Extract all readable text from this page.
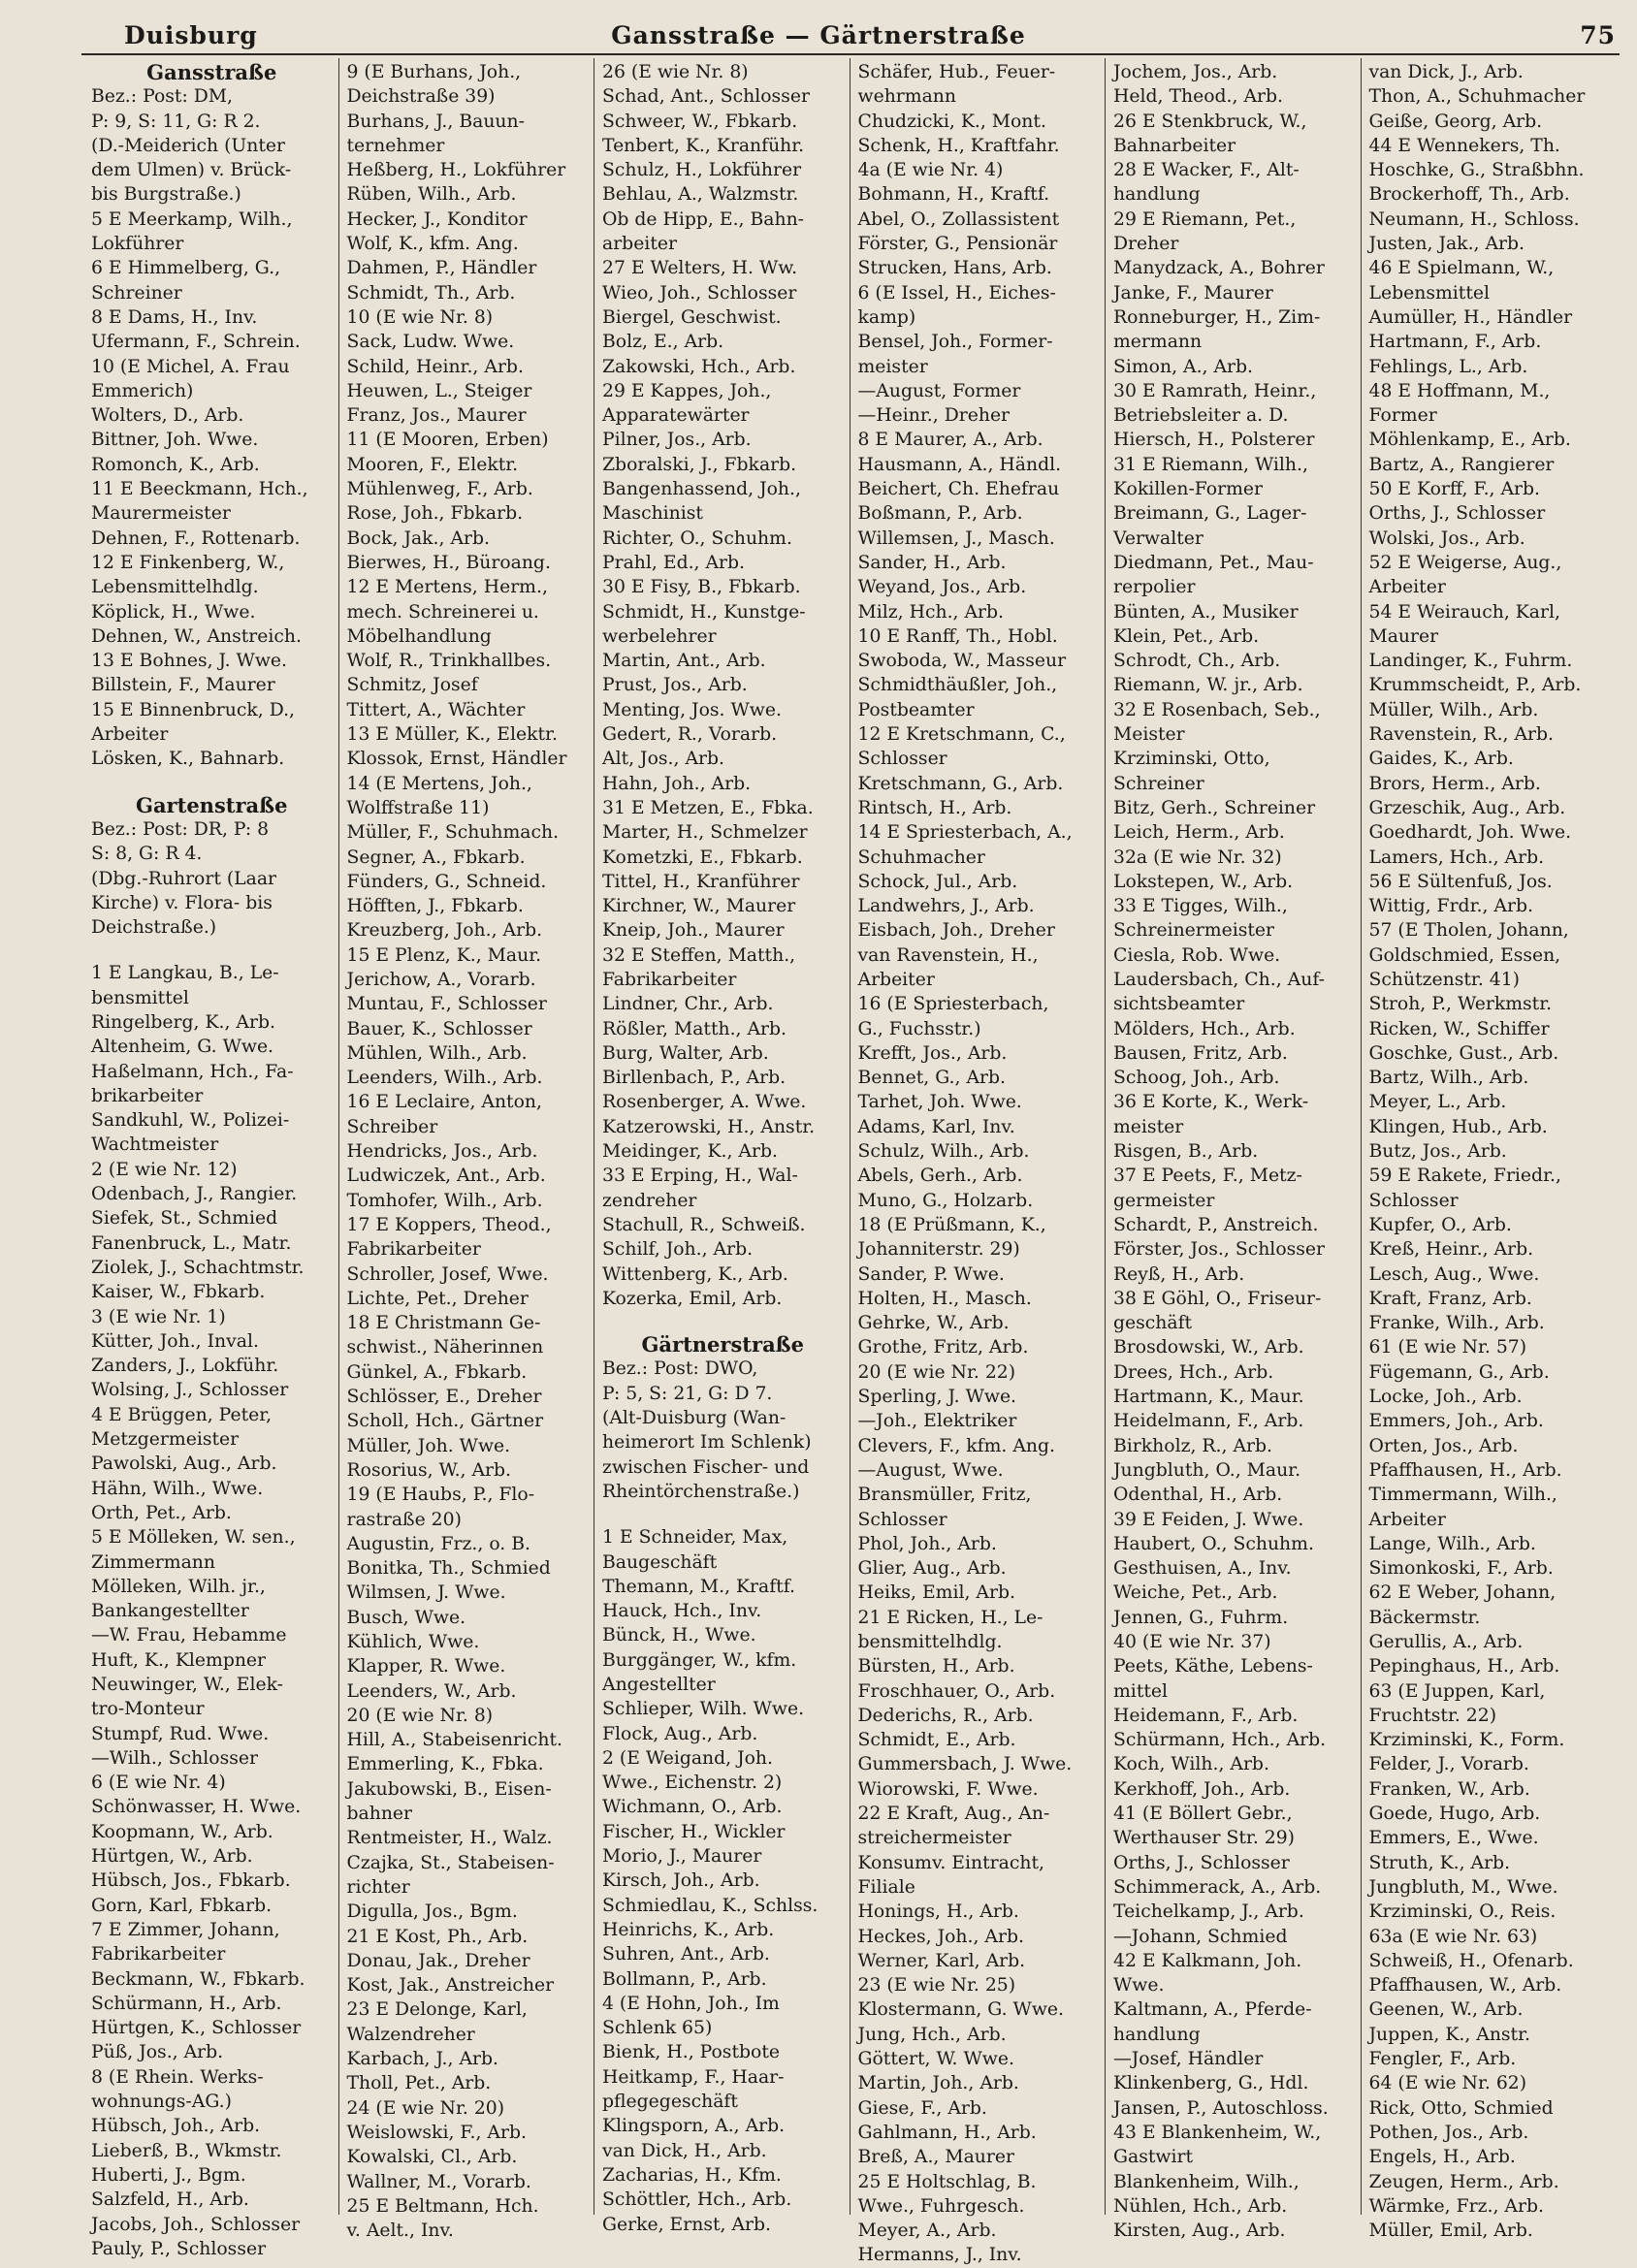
Duisburg	Gansstraße — Gärtnerstraße	75
Gansstraße
Bez.: Post: DM,
P: 9, S: 11, G: R 2.
(D.-Meiderich (Unter
dem Ulmen) v. Brück-
bis Burgstraße.)
5 E Meerkamp, Wilh.,
Lokführer
6 E Himmelberg, G.,
Schreiner
8 E Dams, H., Inv.
Ufermann, F., Schrein.
10 (E Michel, A. Frau
Emmerich)
Wolters, D., Arb.
Bittner, Joh. Wwe.
Romonch, K., Arb.
11 E Beeckmann, Hch.,
Maurermeister
Dehnen, F., Rottenarb.
12 E Finkenberg, W.,
Lebensmittelhdlg.
Köplick, H., Wwe.
Dehnen, W., Anstreich.
13 E Bohnes, J. Wwe.
Billstein, F., Maurer
15 E Binnenbruck, D.,
Arbeiter
Lösken, K., Bahnarb.
Gartenstraße
Bez.: Post: DR, P: 8
S: 8, G: R 4.
(Dbg.-Ruhrort (Laar
Kirche) v. Flora- bis
Deichstraße.)
1 E Langkau, B., Le-
bensmittel
Ringelberg, K., Arb.
Altenheim, G. Wwe.
Haßelmann, Hch., Fa-
brikarbeiter
Sandkuhl, W., Polizei-
Wachtmeister
2 (E wie Nr. 12)
Odenbach, J., Rangier.
Siefek, St., Schmied
Fanenbruck, L., Matr.
Ziolek, J., Schachtmstr.
Kaiser, W., Fbkarb.
3 (E wie Nr. 1)
Kütter, Joh., Inval.
Zanders, J., Lokführ.
Wolsing, J., Schlosser
4 E Brüggen, Peter,
Metzgermeister
Pawolski, Aug., Arb.
Hähn, Wilh., Wwe.
Orth, Pet., Arb.
5 E Mölleken, W. sen.,
Zimmermann
Mölleken, Wilh. jr.,
Bankangestellter
—W. Frau, Hebamme
Huft, K., Klempner
Neuwinger, W., Elek-
tro-Monteur
Stumpf, Rud. Wwe.
—Wilh., Schlosser
6 (E wie Nr. 4)
Schönwasser, H. Wwe.
Koopmann, W., Arb.
Hürtgen, W., Arb.
Hübsch, Jos., Fbkarb.
Gorn, Karl, Fbkarb.
7 E Zimmer, Johann,
Fabrikarbeiter
Beckmann, W., Fbkarb.
Schürmann, H., Arb.
Hürtgen, K., Schlosser
Püß, Jos., Arb.
8 (E Rhein. Werks-
wohnungs-AG.)
Hübsch, Joh., Arb.
Lieberß, B., Wkmstr.
Huberti, J., Bgm.
Salzfeld, H., Arb.
Jacobs, Joh., Schlosser
Pauly, P., Schlosser
9 (E Burhans, Joh.,
Deichstraße 39)
Burhans, J., Bauun-
ternehmer
Heßberg, H., Lokführer
Rüben, Wilh., Arb.
Hecker, J., Konditor
Wolf, K., kfm. Ang.
Dahmen, P., Händler
Schmidt, Th., Arb.
10 (E wie Nr. 8)
Sack, Ludw. Wwe.
Schild, Heinr., Arb.
Heuwen, L., Steiger
Franz, Jos., Maurer
11 (E Mooren, Erben)
Mooren, F., Elektr.
Mühlenweg, F., Arb.
Rose, Joh., Fbkarb.
Bock, Jak., Arb.
Bierwes, H., Büroang.
12 E Mertens, Herm.,
mech. Schreinerei u.
Möbelhandlung
Wolf, R., Trinkhallbes.
Schmitz, Josef
Tittert, A., Wächter
13 E Müller, K., Elektr.
Klossok, Ernst, Händler
14 (E Mertens, Joh.,
Wolffstraße 11)
Müller, F., Schuhmach.
Segner, A., Fbkarb.
Fünders, G., Schneid.
Höfften, J., Fbkarb.
Kreuzberg, Joh., Arb.
15 E Plenz, K., Maur.
Jerichow, A., Vorarb.
Muntau, F., Schlosser
Bauer, K., Schlosser
Mühlen, Wilh., Arb.
Leenders, Wilh., Arb.
16 E Leclaire, Anton,
Schreiber
Hendricks, Jos., Arb.
Ludwiczek, Ant., Arb.
Tomhofer, Wilh., Arb.
17 E Koppers, Theod.,
Fabrikarbeiter
Schroller, Josef, Wwe.
Lichte, Pet., Dreher
18 E Christmann Ge-
schwist., Näherinnen
Günkel, A., Fbkarb.
Schlösser, E., Dreher
Scholl, Hch., Gärtner
Müller, Joh. Wwe.
Rosorius, W., Arb.
19 (E Haubs, P., Flo-
rastraße 20)
Augustin, Frz., o. B.
Bonitka, Th., Schmied
Wilmsen, J. Wwe.
Busch, Wwe.
Kühlich, Wwe.
Klapper, R. Wwe.
Leenders, W., Arb.
20 (E wie Nr. 8)
Hill, A., Stabeisenricht.
Emmerling, K., Fbka.
Jakubowski, B., Eisen-
bahner
Rentmeister, H., Walz.
Czajka, St., Stabeisen-
richter
Digulla, Jos., Bgm.
21 E Kost, Ph., Arb.
Donau, Jak., Dreher
Kost, Jak., Anstreicher
23 E Delonge, Karl,
Walzendreher
Karbach, J., Arb.
Tholl, Pet., Arb.
24 (E wie Nr. 20)
Weislowski, F., Arb.
Kowalski, Cl., Arb.
Wallner, M., Vorarb.
25 E Beltmann, Hch.
v. Aelt., Inv.
26 (E wie Nr. 8)
Schad, Ant., Schlosser
Schweer, W., Fbkarb.
Tenbert, K., Kranführ.
Schulz, H., Lokführer
Behlau, A., Walzmstr.
Ob de Hipp, E., Bahn-
arbeiter
27 E Welters, H. Ww.
Wieo, Joh., Schlosser
Biergel, Geschwist.
Bolz, E., Arb.
Zakowski, Hch., Arb.
29 E Kappes, Joh.,
Apparatewärter
Pilner, Jos., Arb.
Zboralski, J., Fbkarb.
Bangenhassend, Joh.,
Maschinist
Richter, O., Schuhm.
Prahl, Ed., Arb.
30 E Fisy, B., Fbkarb.
Schmidt, H., Kunstge-
werbelehrer
Martin, Ant., Arb.
Prust, Jos., Arb.
Menting, Jos. Wwe.
Gedert, R., Vorarb.
Alt, Jos., Arb.
Hahn, Joh., Arb.
31 E Metzen, E., Fbka.
Marter, H., Schmelzer
Kometzki, E., Fbkarb.
Tittel, H., Kranführer
Kirchner, W., Maurer
Kneip, Joh., Maurer
32 E Steffen, Matth.,
Fabrikarbeiter
Lindner, Chr., Arb.
Rößler, Matth., Arb.
Burg, Walter, Arb.
Birllenbach, P., Arb.
Rosenberger, A. Wwe.
Katzerowski, H., Anstr.
Meidinger, K., Arb.
33 E Erping, H., Wal-
zendreher
Stachull, R., Schweiß.
Schilf, Joh., Arb.
Wittenberg, K., Arb.
Kozerka, Emil, Arb.
Gärtnerstraße
Bez.: Post: DWO,
P: 5, S: 21, G: D 7.
(Alt-Duisburg (Wan-
heimerort Im Schlenk)
zwischen Fischer- und
Rheintörchenstraße.)
1 E Schneider, Max,
Baugeschäft
Themann, M., Kraftf.
Hauck, Hch., Inv.
Bünck, H., Wwe.
Burggänger, W., kfm.
Angestellter
Schlieper, Wilh. Wwe.
Flock, Aug., Arb.
2 (E Weigand, Joh.
Wwe., Eichenstr. 2)
Wichmann, O., Arb.
Fischer, H., Wickler
Morio, J., Maurer
Kirsch, Joh., Arb.
Schmiedlau, K., Schlss.
Heinrichs, K., Arb.
Suhren, Ant., Arb.
Bollmann, P., Arb.
4 (E Hohn, Joh., Im
Schlenk 65)
Bienk, H., Postbote
Heitkamp, F., Haar-
pflegegeschäft
Klingsporn, A., Arb.
van Dick, H., Arb.
Zacharias, H., Kfm.
Schöttler, Hch., Arb.
Gerke, Ernst, Arb.
Schäfer, Hub., Feuer-
wehrmann
Chudzicki, K., Mont.
Schenk, H., Kraftfahr.
4a (E wie Nr. 4)
Bohmann, H., Kraftf.
Abel, O., Zollassistent
Förster, G., Pensionär
Strucken, Hans, Arb.
6 (E Issel, H., Eiches-
kamp)
Bensel, Joh., Former-
meister
—August, Former
—Heinr., Dreher
8 E Maurer, A., Arb.
Hausmann, A., Händl.
Beichert, Ch. Ehefrau
Boßmann, P., Arb.
Willemsen, J., Masch.
Sander, H., Arb.
Weyand, Jos., Arb.
Milz, Hch., Arb.
10 E Ranff, Th., Hobl.
Swoboda, W., Masseur
Schmidthäußler, Joh.,
Postbeamter
12 E Kretschmann, C.,
Schlosser
Kretschmann, G., Arb.
Rintsch, H., Arb.
14 E Spriesterbach, A.,
Schuhmacher
Schock, Jul., Arb.
Landwehrs, J., Arb.
Eisbach, Joh., Dreher
van Ravenstein, H.,
Arbeiter
16 (E Spriesterbach,
G., Fuchsstr.)
Krefft, Jos., Arb.
Bennet, G., Arb.
Tarhet, Joh. Wwe.
Adams, Karl, Inv.
Schulz, Wilh., Arb.
Abels, Gerh., Arb.
Muno, G., Holzarb.
18 (E Prüßmann, K.,
Johanniterstr. 29)
Sander, P. Wwe.
Holten, H., Masch.
Gehrke, W., Arb.
Grothe, Fritz, Arb.
20 (E wie Nr. 22)
Sperling, J. Wwe.
—Joh., Elektriker
Clevers, F., kfm. Ang.
—August, Wwe.
Bransmüller, Fritz,
Schlosser
Phol, Joh., Arb.
Glier, Aug., Arb.
Heiks, Emil, Arb.
21 E Ricken, H., Le-
bensmittelhdlg.
Bürsten, H., Arb.
Froschhauer, O., Arb.
Dederichs, R., Arb.
Schmidt, E., Arb.
Gummersbach, J. Wwe.
Wiorowski, F. Wwe.
22 E Kraft, Aug., An-
streichermeister
Konsumv. Eintracht,
Filiale
Honings, H., Arb.
Heckes, Joh., Arb.
Werner, Karl, Arb.
23 (E wie Nr. 25)
Klostermann, G. Wwe.
Jung, Hch., Arb.
Göttert, W. Wwe.
Martin, Joh., Arb.
Giese, F., Arb.
Gahlmann, H., Arb.
Breß, A., Maurer
25 E Holtschlag, B.
Wwe., Fuhrgesch.
Meyer, A., Arb.
Hermanns, J., Inv.
Jochem, Jos., Arb.
Held, Theod., Arb.
26 E Stenkbruck, W.,
Bahnarbeiter
28 E Wacker, F., Alt-
handlung
29 E Riemann, Pet.,
Dreher
Manydzack, A., Bohrer
Janke, F., Maurer
Ronneburger, H., Zim-
mermann
Simon, A., Arb.
30 E Ramrath, Heinr.,
Betriebsleiter a. D.
Hiersch, H., Polsterer
31 E Riemann, Wilh.,
Kokillen-Former
Breimann, G., Lager-
Verwalter
Diedmann, Pet., Mau-
rerpolier
Bünten, A., Musiker
Klein, Pet., Arb.
Schrodt, Ch., Arb.
Riemann, W. jr., Arb.
32 E Rosenbach, Seb.,
Meister
Krziminski, Otto,
Schreiner
Bitz, Gerh., Schreiner
Leich, Herm., Arb.
32a (E wie Nr. 32)
Lokstepen, W., Arb.
33 E Tigges, Wilh.,
Schreinermeister
Ciesla, Rob. Wwe.
Laudersbach, Ch., Auf-
sichtsbeamter
Mölders, Hch., Arb.
Bausen, Fritz, Arb.
Schoog, Joh., Arb.
36 E Korte, K., Werk-
meister
Risgen, B., Arb.
37 E Peets, F., Metz-
germeister
Schardt, P., Anstreich.
Förster, Jos., Schlosser
Reyß, H., Arb.
38 E Göhl, O., Friseur-
geschäft
Brosdowski, W., Arb.
Drees, Hch., Arb.
Hartmann, K., Maur.
Heidelmann, F., Arb.
Birkholz, R., Arb.
Jungbluth, O., Maur.
Odenthal, H., Arb.
39 E Feiden, J. Wwe.
Haubert, O., Schuhm.
Gesthuisen, A., Inv.
Weiche, Pet., Arb.
Jennen, G., Fuhrm.
40 (E wie Nr. 37)
Peets, Käthe, Lebens-
mittel
Heidemann, F., Arb.
Schürmann, Hch., Arb.
Koch, Wilh., Arb.
Kerkhoff, Joh., Arb.
41 (E Böllert Gebr.,
Werthauser Str. 29)
Orths, J., Schlosser
Schimmerack, A., Arb.
Teichelkamp, J., Arb.
—Johann, Schmied
42 E Kalkmann, Joh.
Wwe.
Kaltmann, A., Pferde-
handlung
—Josef, Händler
Klinkenberg, G., Hdl.
Jansen, P., Autoschloss.
43 E Blankenheim, W.,
Gastwirt
Blankenheim, Wilh.,
Nühlen, Hch., Arb.
Kirsten, Aug., Arb.
van Dick, J., Arb.
Thon, A., Schuhmacher
Geiße, Georg, Arb.
44 E Wennekers, Th.
Hoschke, G., Straßbhn.
Brockerhoff, Th., Arb.
Neumann, H., Schloss.
Justen, Jak., Arb.
46 E Spielmann, W.,
Lebensmittel
Aumüller, H., Händler
Hartmann, F., Arb.
Fehlings, L., Arb.
48 E Hoffmann, M.,
Former
Möhlenkamp, E., Arb.
Bartz, A., Rangierer
50 E Korff, F., Arb.
Orths, J., Schlosser
Wolski, Jos., Arb.
52 E Weigerse, Aug.,
Arbeiter
54 E Weirauch, Karl,
Maurer
Landinger, K., Fuhrm.
Krummscheidt, P., Arb.
Müller, Wilh., Arb.
Ravenstein, R., Arb.
Gaides, K., Arb.
Brors, Herm., Arb.
Grzeschik, Aug., Arb.
Goedhardt, Joh. Wwe.
Lamers, Hch., Arb.
56 E Sültenfuß, Jos.
Wittig, Frdr., Arb.
57 (E Tholen, Johann,
Goldschmied, Essen,
Schützenstr. 41)
Stroh, P., Werkmstr.
Ricken, W., Schiffer
Goschke, Gust., Arb.
Bartz, Wilh., Arb.
Meyer, L., Arb.
Klingen, Hub., Arb.
Butz, Jos., Arb.
59 E Rakete, Friedr.,
Schlosser
Kupfer, O., Arb.
Kreß, Heinr., Arb.
Lesch, Aug., Wwe.
Kraft, Franz, Arb.
Franke, Wilh., Arb.
61 (E wie Nr. 57)
Fügemann, G., Arb.
Locke, Joh., Arb.
Emmers, Joh., Arb.
Orten, Jos., Arb.
Pfaffhausen, H., Arb.
Timmermann, Wilh.,
Arbeiter
Lange, Wilh., Arb.
Simonkoski, F., Arb.
62 E Weber, Johann,
Bäckermstr.
Gerullis, A., Arb.
Pepinghaus, H., Arb.
63 (E Juppen, Karl,
Fruchtstr. 22)
Krziminski, K., Form.
Felder, J., Vorarb.
Franken, W., Arb.
Goede, Hugo, Arb.
Emmers, E., Wwe.
Struth, K., Arb.
Jungbluth, M., Wwe.
Krziminski, O., Reis.
63a (E wie Nr. 63)
Schweiß, H., Ofenarb.
Pfaffhausen, W., Arb.
Geenen, W., Arb.
Juppen, K., Anstr.
Fengler, F., Arb.
64 (E wie Nr. 62)
Rick, Otto, Schmied
Pothen, Jos., Arb.
Engels, H., Arb.
Zeugen, Herm., Arb.
Wärmke, Frz., Arb.
Müller, Emil, Arb.
